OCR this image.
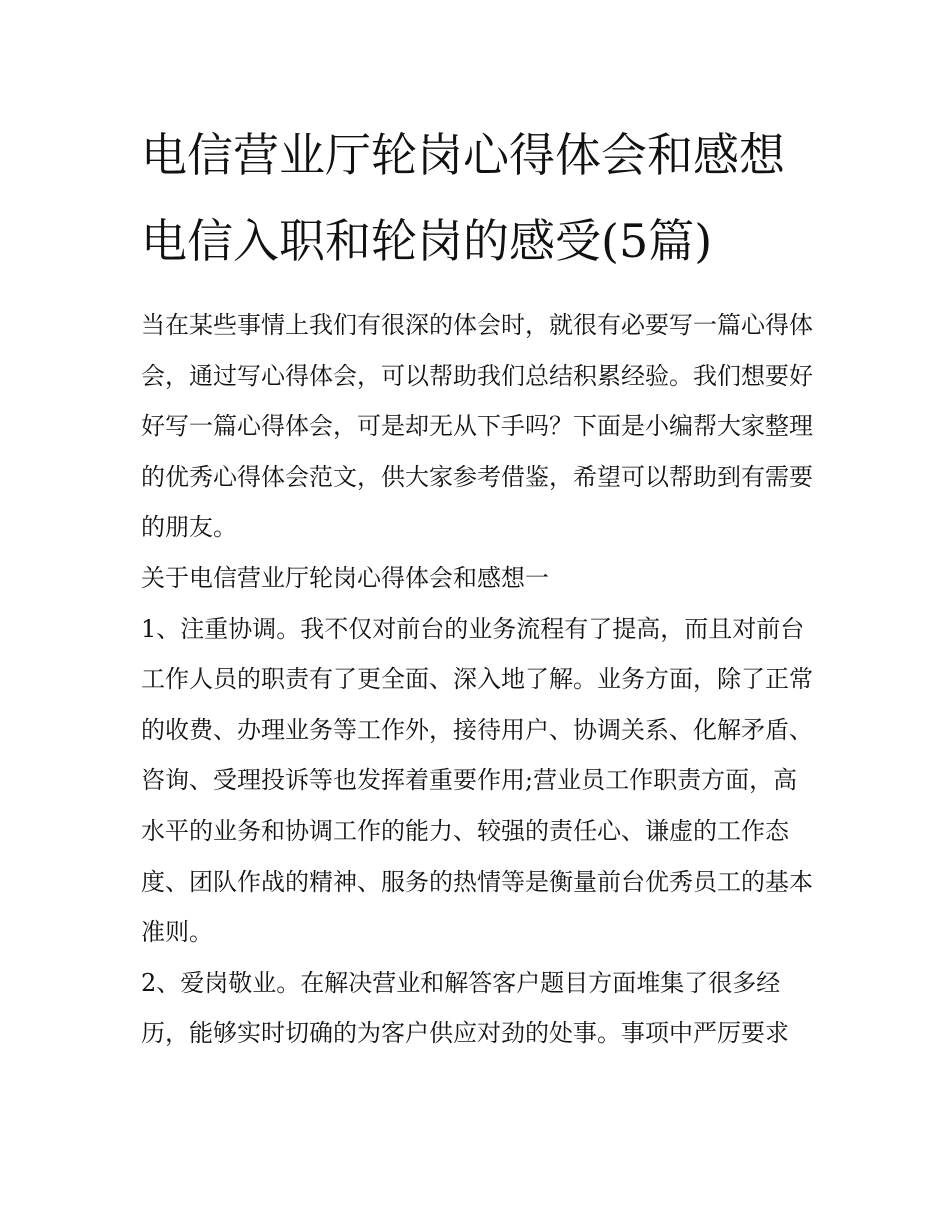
电信营业厅轮岗心得体会和感想 电信入职和轮岗的感受(5篇)

当在某些事情上我们有很深的体会时，就很有必要写一篇心得体会，通过写心得体会，可以帮助我们总结积累经验。我们想要好好写一篇心得体会，可是却无从下手吗？下面是小编帮大家整理的优秀心得体会范文，供大家参考借鉴，希望可以帮助到有需要的朋友。

关于电信营业厅轮岗心得体会和感想一

1、注重协调。我不仅对前台的业务流程有了提高，而且对前台工作人员的职责有了更全面、深入地了解。业务方面，除了正常的收费、办理业务等工作外，接待用户、协调关系、化解矛盾、咨询、受理投诉等也发挥着重要作用;营业员工作职责方面，高水平的业务和协调工作的能力、较强的责任心、谦虚的工作态度、团队作战的精神、服务的热情等是衡量前台优秀员工的基本准则。

2、爱岗敬业。在解决营业和解答客户题目方面堆集了很多经历，能够实时切确的为客户供应对劲的处事。事项中严厉要求
